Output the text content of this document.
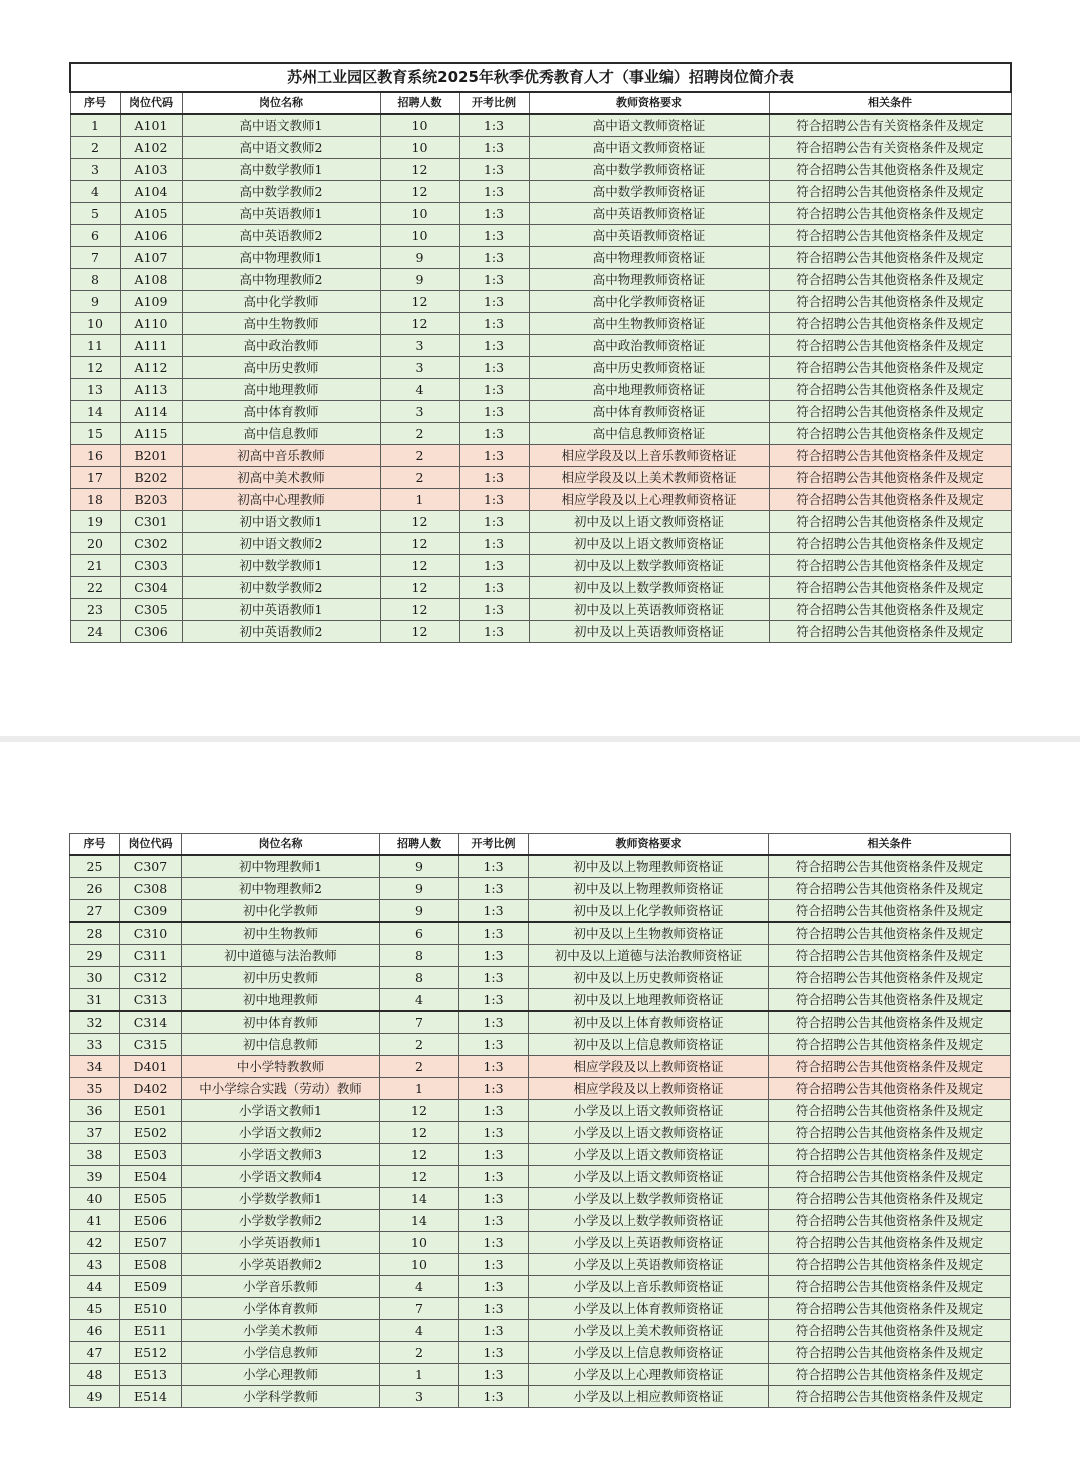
苏州工业园区教育系统2025年秋季优秀教育人才（事业编）招聘岗位简介表						
序号	岗位代码	岗位名称	招聘人数	开考比例	教师资格要求	相关条件
1	A101	高中语文教师1	10	1:3	高中语文教师资格证	符合招聘公告有关资格条件及规定
2	A102	高中语文教师2	10	1:3	高中语文教师资格证	符合招聘公告有关资格条件及规定
3	A103	高中数学教师1	12	1:3	高中数学教师资格证	符合招聘公告其他资格条件及规定
4	A104	高中数学教师2	12	1:3	高中数学教师资格证	符合招聘公告其他资格条件及规定
5	A105	高中英语教师1	10	1:3	高中英语教师资格证	符合招聘公告其他资格条件及规定
6	A106	高中英语教师2	10	1:3	高中英语教师资格证	符合招聘公告其他资格条件及规定
7	A107	高中物理教师1	9	1:3	高中物理教师资格证	符合招聘公告其他资格条件及规定
8	A108	高中物理教师2	9	1:3	高中物理教师资格证	符合招聘公告其他资格条件及规定
9	A109	高中化学教师	12	1:3	高中化学教师资格证	符合招聘公告其他资格条件及规定
10	A110	高中生物教师	12	1:3	高中生物教师资格证	符合招聘公告其他资格条件及规定
11	A111	高中政治教师	3	1:3	高中政治教师资格证	符合招聘公告其他资格条件及规定
12	A112	高中历史教师	3	1:3	高中历史教师资格证	符合招聘公告其他资格条件及规定
13	A113	高中地理教师	4	1:3	高中地理教师资格证	符合招聘公告其他资格条件及规定
14	A114	高中体育教师	3	1:3	高中体育教师资格证	符合招聘公告其他资格条件及规定
15	A115	高中信息教师	2	1:3	高中信息教师资格证	符合招聘公告其他资格条件及规定
16	B201	初高中音乐教师	2	1:3	相应学段及以上音乐教师资格证	符合招聘公告其他资格条件及规定
17	B202	初高中美术教师	2	1:3	相应学段及以上美术教师资格证	符合招聘公告其他资格条件及规定
18	B203	初高中心理教师	1	1:3	相应学段及以上心理教师资格证	符合招聘公告其他资格条件及规定
19	C301	初中语文教师1	12	1:3	初中及以上语文教师资格证	符合招聘公告其他资格条件及规定
20	C302	初中语文教师2	12	1:3	初中及以上语文教师资格证	符合招聘公告其他资格条件及规定
21	C303	初中数学教师1	12	1:3	初中及以上数学教师资格证	符合招聘公告其他资格条件及规定
22	C304	初中数学教师2	12	1:3	初中及以上数学教师资格证	符合招聘公告其他资格条件及规定
23	C305	初中英语教师1	12	1:3	初中及以上英语教师资格证	符合招聘公告其他资格条件及规定
24	C306	初中英语教师2	12	1:3	初中及以上英语教师资格证	符合招聘公告其他资格条件及规定
序号	岗位代码	岗位名称	招聘人数	开考比例	教师资格要求	相关条件
25	C307	初中物理教师1	9	1:3	初中及以上物理教师资格证	符合招聘公告其他资格条件及规定
26	C308	初中物理教师2	9	1:3	初中及以上物理教师资格证	符合招聘公告其他资格条件及规定
27	C309	初中化学教师	9	1:3	初中及以上化学教师资格证	符合招聘公告其他资格条件及规定
28	C310	初中生物教师	6	1:3	初中及以上生物教师资格证	符合招聘公告其他资格条件及规定
29	C311	初中道德与法治教师	8	1:3	初中及以上道德与法治教师资格证	符合招聘公告其他资格条件及规定
30	C312	初中历史教师	8	1:3	初中及以上历史教师资格证	符合招聘公告其他资格条件及规定
31	C313	初中地理教师	4	1:3	初中及以上地理教师资格证	符合招聘公告其他资格条件及规定
32	C314	初中体育教师	7	1:3	初中及以上体育教师资格证	符合招聘公告其他资格条件及规定
33	C315	初中信息教师	2	1:3	初中及以上信息教师资格证	符合招聘公告其他资格条件及规定
34	D401	中小学特教教师	2	1:3	相应学段及以上教师资格证	符合招聘公告其他资格条件及规定
35	D402	中小学综合实践（劳动）教师	1	1:3	相应学段及以上教师资格证	符合招聘公告其他资格条件及规定
36	E501	小学语文教师1	12	1:3	小学及以上语文教师资格证	符合招聘公告其他资格条件及规定
37	E502	小学语文教师2	12	1:3	小学及以上语文教师资格证	符合招聘公告其他资格条件及规定
38	E503	小学语文教师3	12	1:3	小学及以上语文教师资格证	符合招聘公告其他资格条件及规定
39	E504	小学语文教师4	12	1:3	小学及以上语文教师资格证	符合招聘公告其他资格条件及规定
40	E505	小学数学教师1	14	1:3	小学及以上数学教师资格证	符合招聘公告其他资格条件及规定
41	E506	小学数学教师2	14	1:3	小学及以上数学教师资格证	符合招聘公告其他资格条件及规定
42	E507	小学英语教师1	10	1:3	小学及以上英语教师资格证	符合招聘公告其他资格条件及规定
43	E508	小学英语教师2	10	1:3	小学及以上英语教师资格证	符合招聘公告其他资格条件及规定
44	E509	小学音乐教师	4	1:3	小学及以上音乐教师资格证	符合招聘公告其他资格条件及规定
45	E510	小学体育教师	7	1:3	小学及以上体育教师资格证	符合招聘公告其他资格条件及规定
46	E511	小学美术教师	4	1:3	小学及以上美术教师资格证	符合招聘公告其他资格条件及规定
47	E512	小学信息教师	2	1:3	小学及以上信息教师资格证	符合招聘公告其他资格条件及规定
48	E513	小学心理教师	1	1:3	小学及以上心理教师资格证	符合招聘公告其他资格条件及规定
49	E514	小学科学教师	3	1:3	小学及以上相应教师资格证	符合招聘公告其他资格条件及规定
